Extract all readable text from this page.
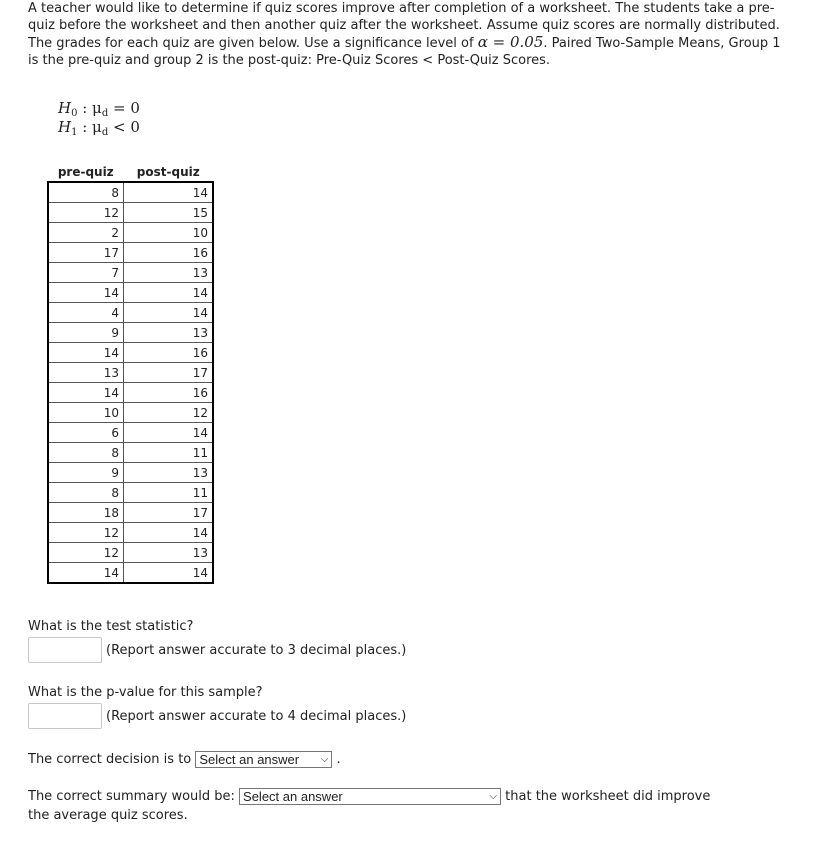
A teacher would like to determine if quiz scores improve after completion of a worksheet. The students take a pre-quiz before the worksheet and then another quiz after the worksheet. Assume quiz scores are normally distributed. The grades for each quiz are given below. Use a significance level of α = 0.05. Paired Two-Sample Means, Group 1 is the pre-quiz and group 2 is the post-quiz: Pre-Quiz Scores < Post-Quiz Scores.

$H_0$ : $\mu_d = 0$
$H_1$ : $\mu_d < 0$
pre-quiz	post-quiz
8	14
12	15
2	10
17	16
7	13
14	14
4	14
9	13
14	16
13	17
14	16
10	12
6	14
8	11
9	13
8	11
18	17
12	14
12	13
14	14
What is the test statistic?
(Report answer accurate to 3 decimal places.)
What is the p-value for this sample?
(Report answer accurate to 4 decimal places.)
The correct decision is to Select an answer ⌵ .
The correct summary would be: Select an answer	⌵ that the worksheet did improve the average quiz scores.
